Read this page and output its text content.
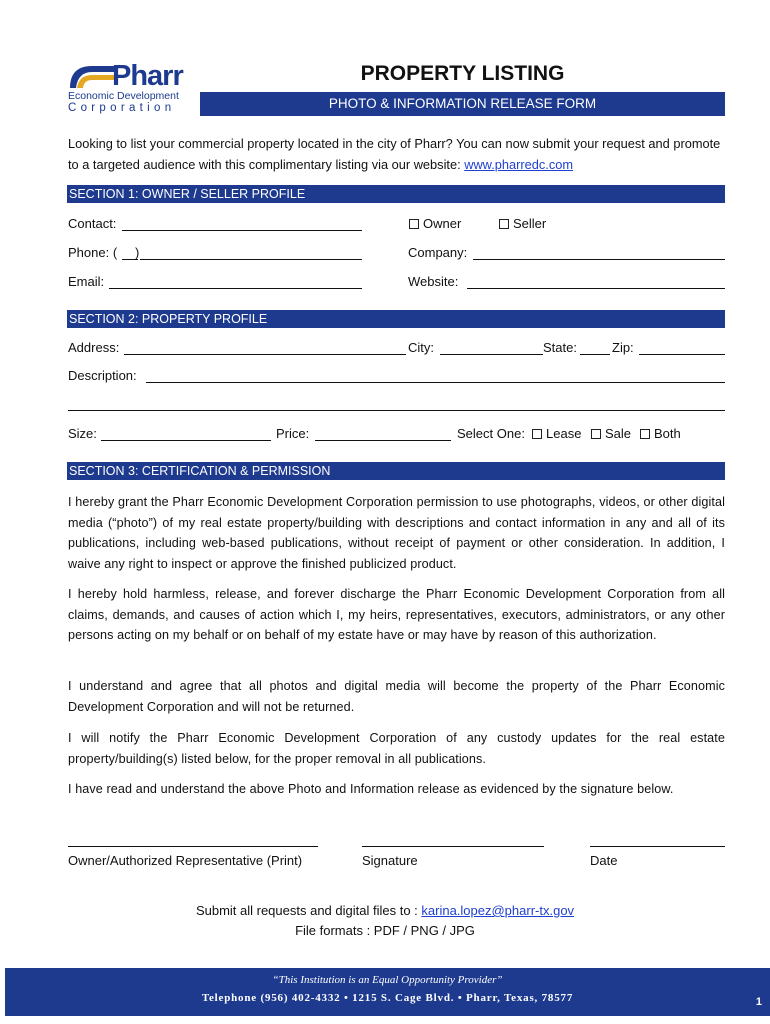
Pharr
Economic Development
Corporation
PROPERTY LISTING
PHOTO & INFORMATION RELEASE FORM
Looking to list your commercial property located in the city of Pharr? You can now submit your request and promote to a targeted audience with this complimentary listing via our website: www.pharredc.com
SECTION 1: OWNER / SELLER PROFILE
Contact:	Owner	Seller
Phone: ( )	Company:
Email:	Website:
SECTION 2: PROPERTY PROFILE
Address:	City:	State:	Zip:
Description:
Size:	Price:	Select One:	Lease	Sale	Both
SECTION 3: CERTIFICATION & PERMISSION
I hereby grant the Pharr Economic Development Corporation permission to use photographs, videos, or other digital media (“photo”) of my real estate property/building with descriptions and contact information in any and all of its publications, including web-based publications, without receipt of payment or other consideration. In addition, I waive any right to inspect or approve the finished publicized product.
I hereby hold harmless, release, and forever discharge the Pharr Economic Development Corporation from all claims, demands, and causes of action which I, my heirs, representatives, executors, administrators, or any other persons acting on my behalf or on behalf of my estate have or may have by reason of this authorization.
I understand and agree that all photos and digital media will become the property of the Pharr Economic Development Corporation and will not be returned.
I will notify the Pharr Economic Development Corporation of any custody updates for the real estate property/building(s) listed below, for the proper removal in all publications.
I have read and understand the above Photo and Information release as evidenced by the signature below.
Owner/Authorized Representative (Print)	Signature	Date
Submit all requests and digital files to : karina.lopez@pharr-tx.gov
File formats : PDF / PNG / JPG
“This Institution is an Equal Opportunity Provider”
Telephone (956) 402-4332 • 1215 S. Cage Blvd. • Pharr, Texas, 78577	1
